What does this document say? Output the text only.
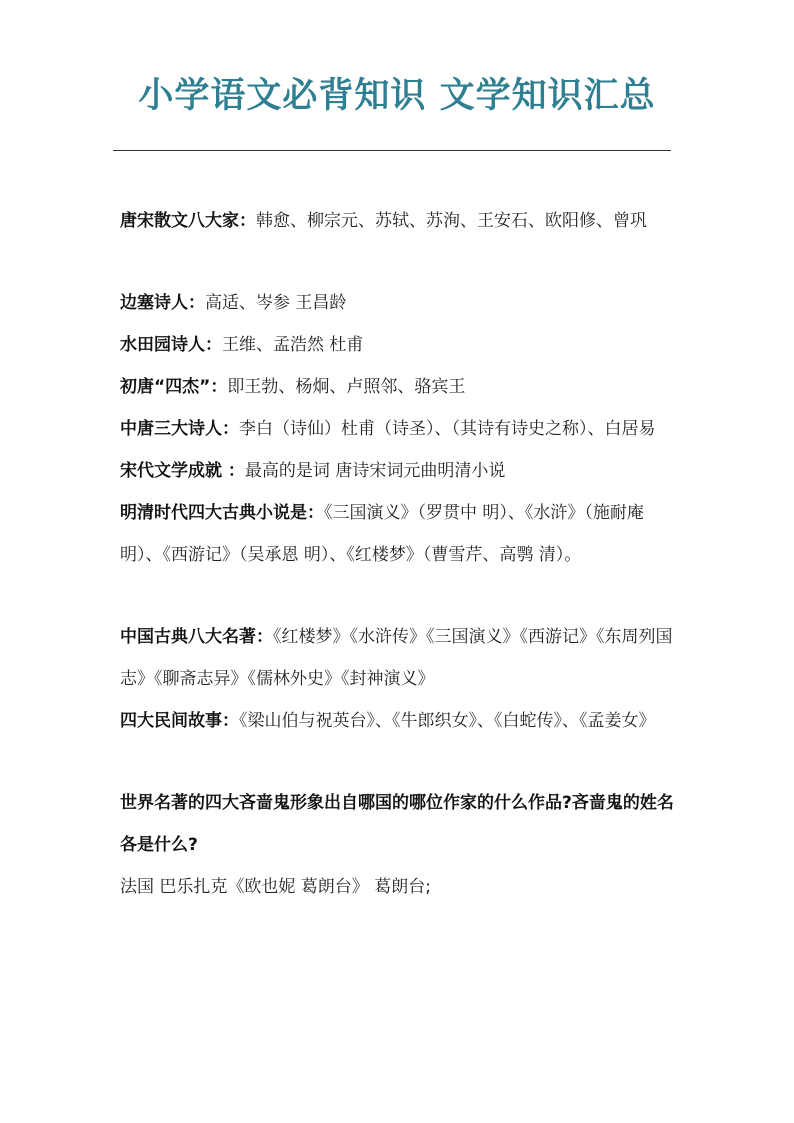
小学语文必背知识 文学知识汇总

唐宋散文八大家：韩愈、柳宗元、苏轼、苏洵、王安石、欧阳修、曾巩

边塞诗人：高适、岑参 王昌龄

水田园诗人：王维、孟浩然 杜甫

初唐“四杰”：即王勃、杨炯、卢照邻、骆宾王

中唐三大诗人：李白（诗仙）杜甫（诗圣）、（其诗有诗史之称）、白居易

宋代文学成就 ：最高的是词 唐诗宋词元曲明清小说

明清时代四大古典小说是：《三国演义》（罗贯中 明）、《水浒》（施耐庵 明）、《西游记》（吴承恩 明）、《红楼梦》（曹雪芹、高鹗 清）。

中国古典八大名著：《红楼梦》《水浒传》《三国演义》《西游记》《东周列国志》《聊斋志异》《儒林外史》《封神演义》

四大民间故事：《梁山伯与祝英台》、《牛郎织女》、《白蛇传》、《孟姜女》

世界名著的四大吝啬鬼形象出自哪国的哪位作家的什么作品?吝啬鬼的姓名各是什么?

法国 巴乐扎克《欧也妮 葛朗台》 葛朗台;
